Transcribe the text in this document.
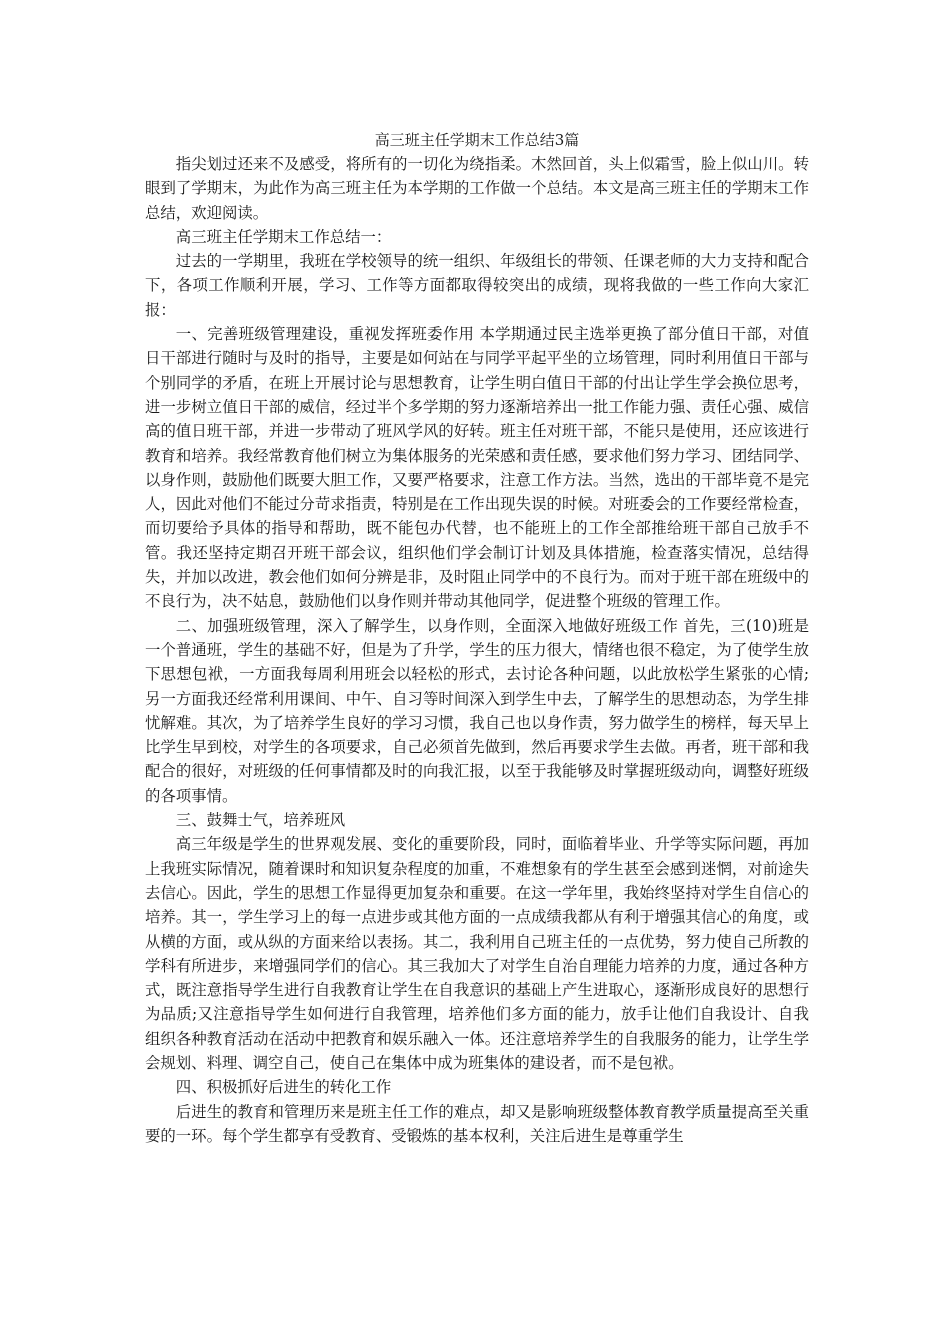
高三班主任学期末工作总结3篇

指尖划过还来不及感受，将所有的一切化为绕指柔。木然回首，头上似霜雪，脸上似山川。转眼到了学期末，为此作为高三班主任为本学期的工作做一个总结。本文是高三班主任的学期末工作总结，欢迎阅读。

高三班主任学期末工作总结一：

过去的一学期里，我班在学校领导的统一组织、年级组长的带领、任课老师的大力支持和配合下，各项工作顺利开展，学习、工作等方面都取得较突出的成绩，现将我做的一些工作向大家汇报：

一、完善班级管理建设，重视发挥班委作用 本学期通过民主选举更换了部分值日干部，对值日干部进行随时与及时的指导，主要是如何站在与同学平起平坐的立场管理，同时利用值日干部与个别同学的矛盾，在班上开展讨论与思想教育，让学生明白值日干部的付出让学生学会换位思考，进一步树立值日干部的威信，经过半个多学期的努力逐渐培养出一批工作能力强、责任心强、威信高的值日班干部，并进一步带动了班风学风的好转。班主任对班干部，不能只是使用，还应该进行教育和培养。我经常教育他们树立为集体服务的光荣感和责任感，要求他们努力学习、团结同学、以身作则，鼓励他们既要大胆工作，又要严格要求，注意工作方法。当然，选出的干部毕竟不是完人，因此对他们不能过分苛求指责，特别是在工作出现失误的时候。对班委会的工作要经常检查，而切要给予具体的指导和帮助，既不能包办代替，也不能班上的工作全部推给班干部自己放手不管。我还坚持定期召开班干部会议，组织他们学会制订计划及具体措施，检查落实情况，总结得失，并加以改进，教会他们如何分辨是非，及时阻止同学中的不良行为。而对于班干部在班级中的不良行为，决不姑息，鼓励他们以身作则并带动其他同学，促进整个班级的管理工作。

二、加强班级管理，深入了解学生，以身作则，全面深入地做好班级工作 首先，三(10)班是一个普通班，学生的基础不好，但是为了升学，学生的压力很大，情绪也很不稳定，为了使学生放下思想包袱，一方面我每周利用班会以轻松的形式，去讨论各种问题，以此放松学生紧张的心情;另一方面我还经常利用课间、中午、自习等时间深入到学生中去，了解学生的思想动态，为学生排忧解难。其次，为了培养学生良好的学习习惯，我自己也以身作责，努力做学生的榜样，每天早上比学生早到校，对学生的各项要求，自己必须首先做到，然后再要求学生去做。再者，班干部和我配合的很好，对班级的任何事情都及时的向我汇报，以至于我能够及时掌握班级动向，调整好班级的各项事情。

三、鼓舞士气，培养班风

高三年级是学生的世界观发展、变化的重要阶段，同时，面临着毕业、升学等实际问题，再加上我班实际情况，随着课时和知识复杂程度的加重，不难想象有的学生甚至会感到迷惘，对前途失去信心。因此，学生的思想工作显得更加复杂和重要。在这一学年里，我始终坚持对学生自信心的培养。其一，学生学习上的每一点进步或其他方面的一点成绩我都从有利于增强其信心的角度，或从横的方面，或从纵的方面来给以表扬。其二，我利用自己班主任的一点优势，努力使自己所教的学科有所进步，来增强同学们的信心。其三我加大了对学生自治自理能力培养的力度，通过各种方式，既注意指导学生进行自我教育让学生在自我意识的基础上产生进取心，逐渐形成良好的思想行为品质;又注意指导学生如何进行自我管理，培养他们多方面的能力，放手让他们自我设计、自我组织各种教育活动在活动中把教育和娱乐融入一体。还注意培养学生的自我服务的能力，让学生学会规划、料理、调空自己，使自己在集体中成为班集体的建设者，而不是包袱。

四、积极抓好后进生的转化工作

后进生的教育和管理历来是班主任工作的难点，却又是影响班级整体教育教学质量提高至关重要的一环。每个学生都享有受教育、受锻炼的基本权利，关注后进生是尊重学生
